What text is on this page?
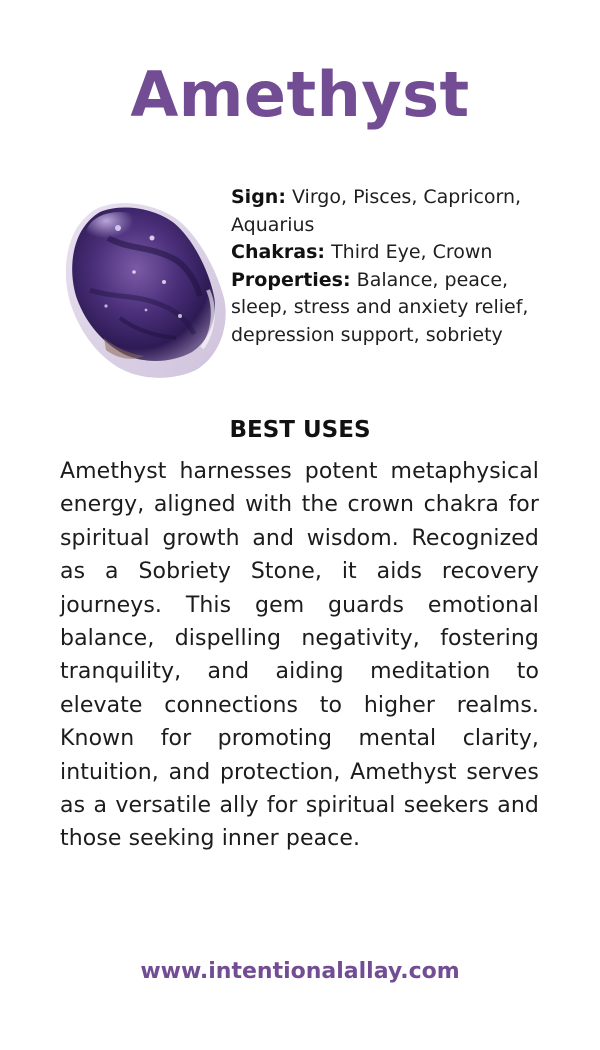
Amethyst

Sign: Virgo, Pisces, Capricorn, Aquarius

Chakras: Third Eye, Crown

Properties: Balance, peace, sleep, stress and anxiety relief, depression support, sobriety

BEST USES

Amethyst harnesses potent metaphysical energy, aligned with the crown chakra for spiritual growth and wisdom. Recognized as a Sobriety Stone, it aids recovery journeys. This gem guards emotional balance, dispelling negativity, fostering tranquility, and aiding meditation to elevate connections to higher realms. Known for promoting mental clarity, intuition, and protection, Amethyst serves as a versatile ally for spiritual seekers and those seeking inner peace.

www.intentionalallay.com
